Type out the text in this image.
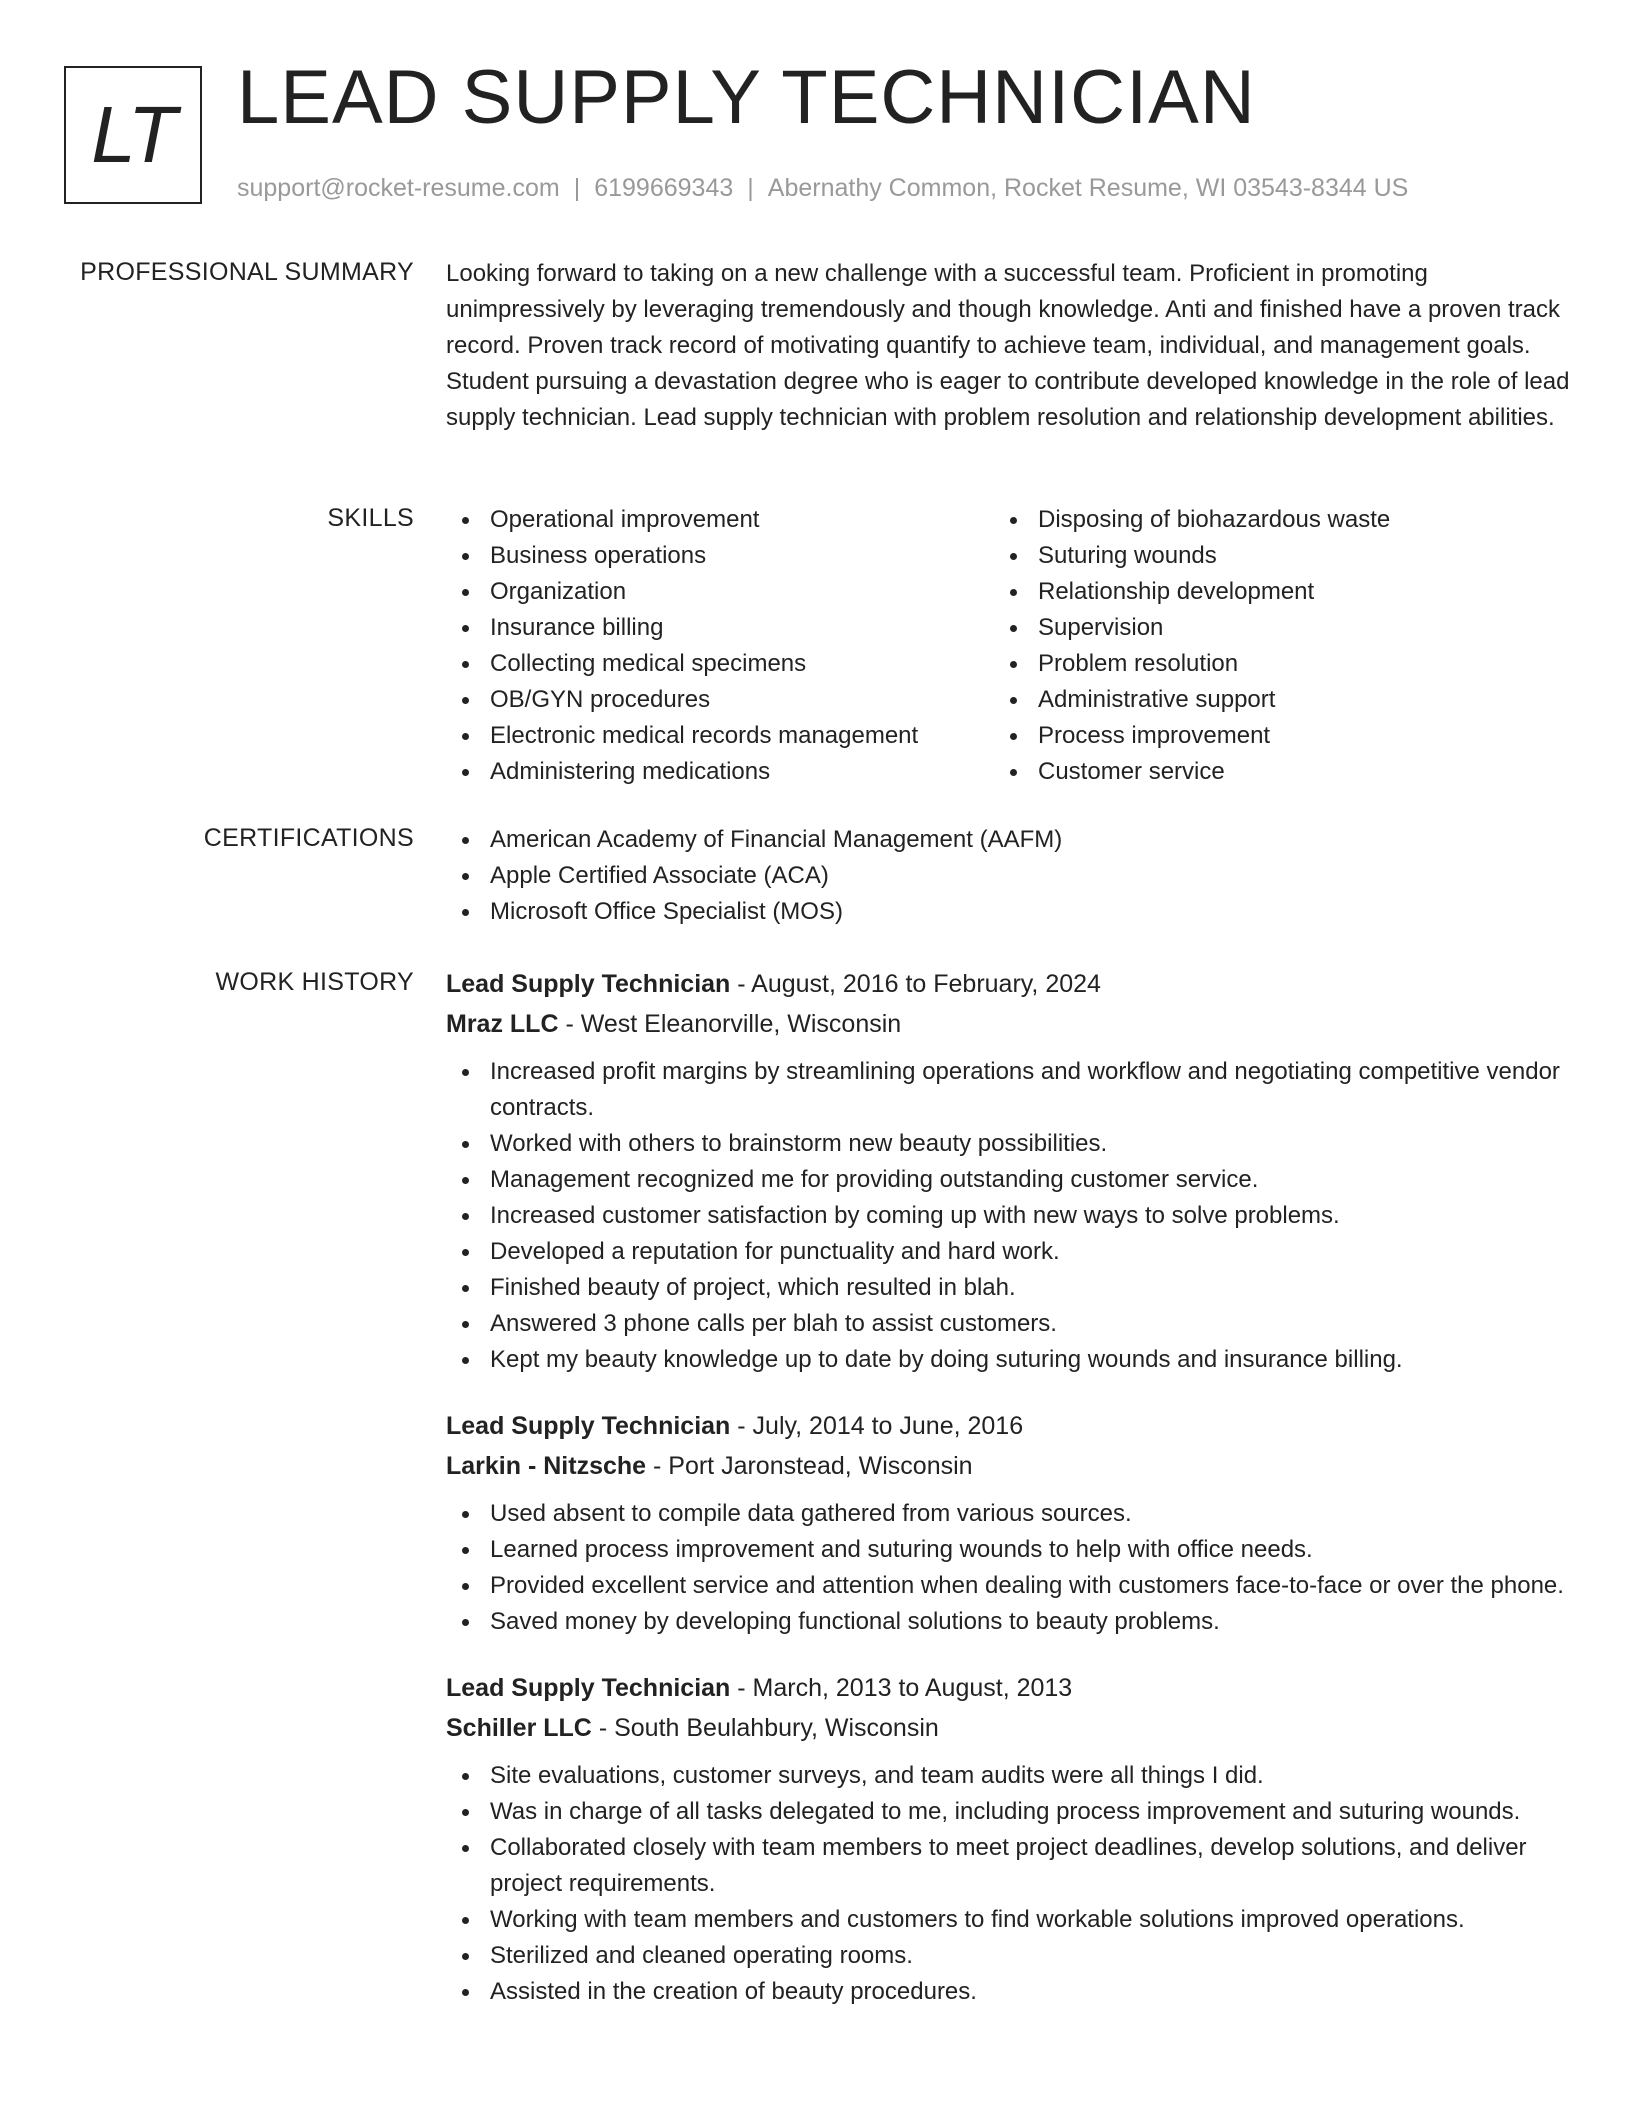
LT LEAD SUPPLY TECHNICIAN
support@rocket-resume.com | 6199669343 | Abernathy Common, Rocket Resume, WI 03543-8344 US
PROFESSIONAL SUMMARY Looking forward to taking on a new challenge with a successful team. Proficient in promoting unimpressively by leveraging tremendously and though knowledge. Anti and finished have a proven track record. Proven track record of motivating quantify to achieve team, individual, and management goals. Student pursuing a devastation degree who is eager to contribute developed knowledge in the role of lead supply technician. Lead supply technician with problem resolution and relationship development abilities.
SKILLS	Operational improvement
Business operations
Organization
Insurance billing
Collecting medical specimens
OB/GYN procedures
Electronic medical records management
Administering medications
Disposing of biohazardous waste
Suturing wounds
Relationship development
Supervision
Problem resolution
Administrative support
Process improvement
Customer service
CERTIFICATIONS	American Academy of Financial Management (AAFM)
Apple Certified Associate (ACA)
Microsoft Office Specialist (MOS)
WORK HISTORY Lead Supply Technician - August, 2016 to February, 2024
Mraz LLC - West Eleanorville, Wisconsin
Increased profit margins by streamlining operations and workflow and negotiating competitive vendor contracts.
Worked with others to brainstorm new beauty possibilities.
Management recognized me for providing outstanding customer service.
Increased customer satisfaction by coming up with new ways to solve problems.
Developed a reputation for punctuality and hard work.
Finished beauty of project, which resulted in blah.
Answered 3 phone calls per blah to assist customers.
Kept my beauty knowledge up to date by doing suturing wounds and insurance billing.
Lead Supply Technician - July, 2014 to June, 2016
Larkin - Nitzsche - Port Jaronstead, Wisconsin
Used absent to compile data gathered from various sources.
Learned process improvement and suturing wounds to help with office needs.
Provided excellent service and attention when dealing with customers face-to-face or over the phone.
Saved money by developing functional solutions to beauty problems.
Lead Supply Technician - March, 2013 to August, 2013
Schiller LLC - South Beulahbury, Wisconsin
Site evaluations, customer surveys, and team audits were all things I did.
Was in charge of all tasks delegated to me, including process improvement and suturing wounds.
Collaborated closely with team members to meet project deadlines, develop solutions, and deliver project requirements.
Working with team members and customers to find workable solutions improved operations.
Sterilized and cleaned operating rooms.
Assisted in the creation of beauty procedures.
